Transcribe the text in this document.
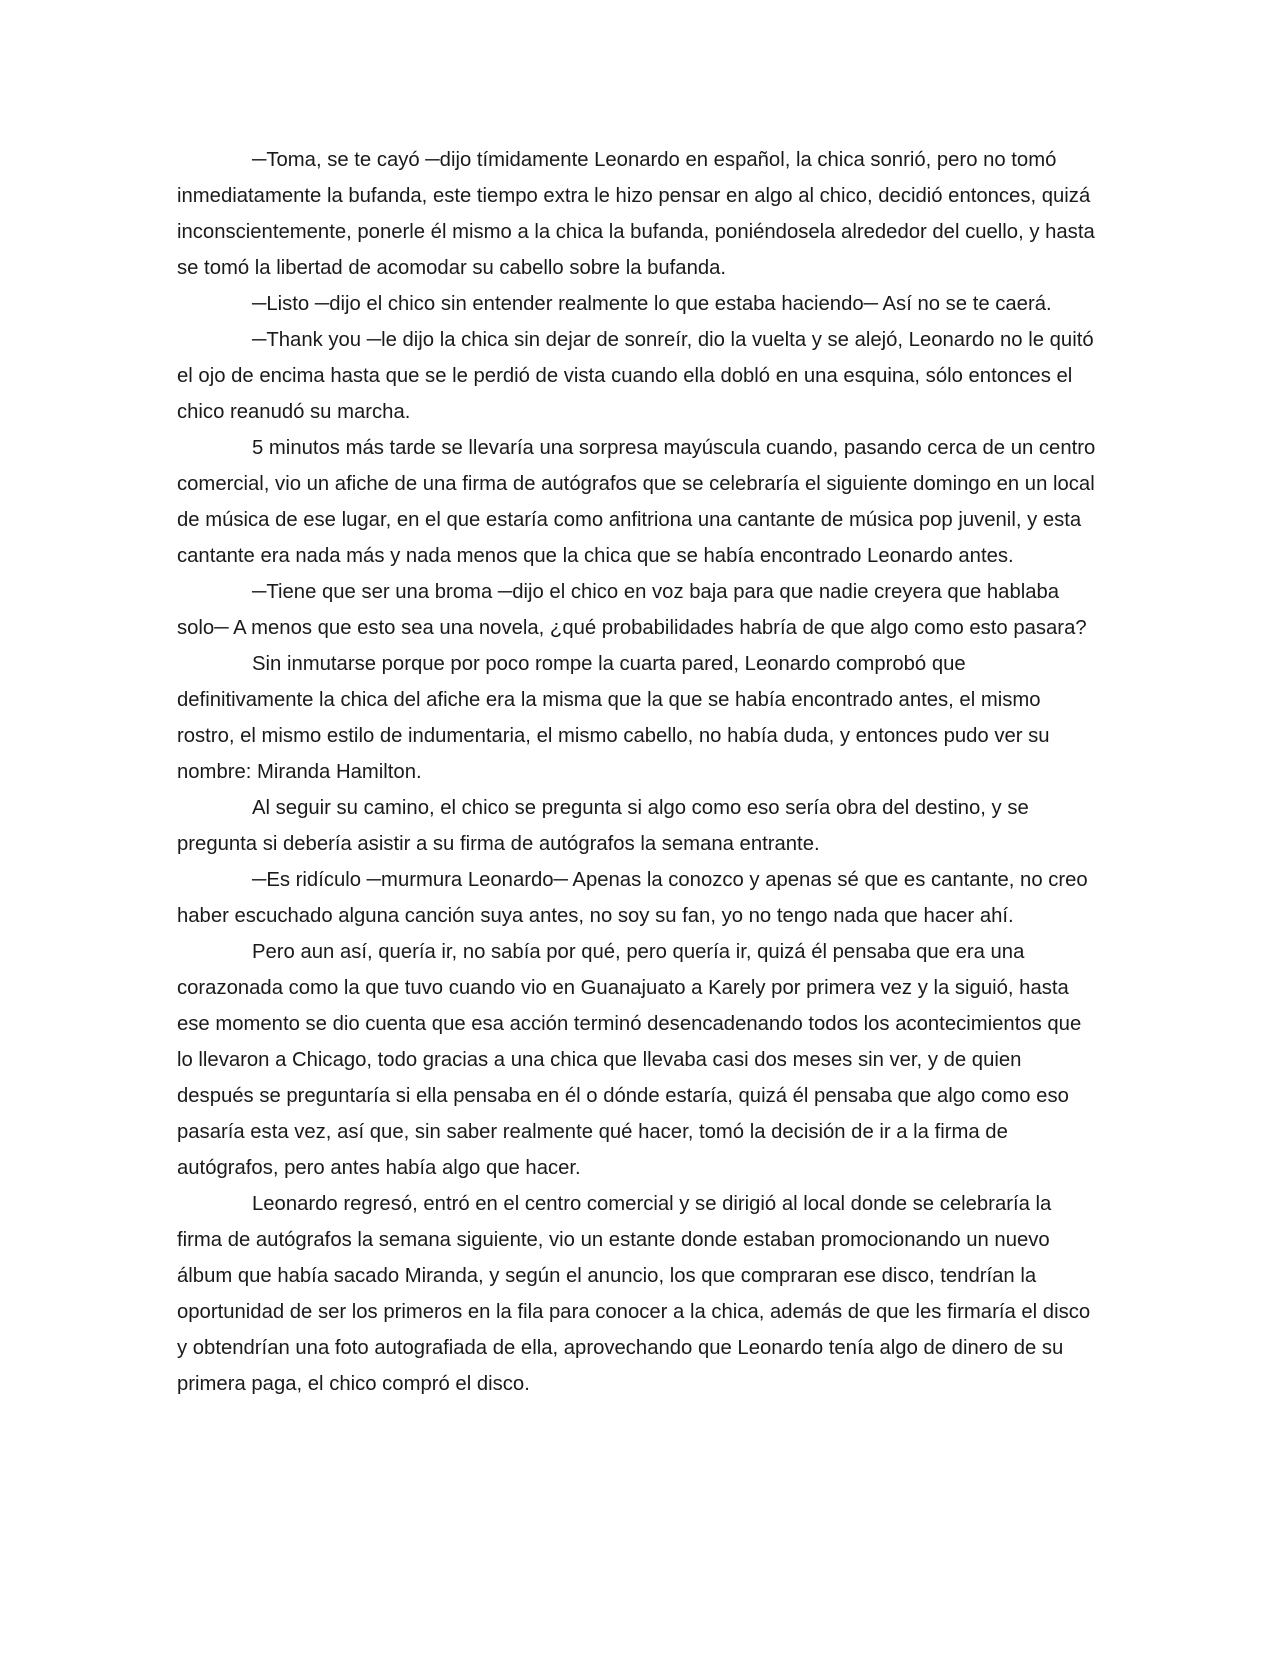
─Toma, se te cayó ─dijo tímidamente Leonardo en español, la chica sonrió, pero no tomó inmediatamente la bufanda, este tiempo extra le hizo pensar en algo al chico, decidió entonces, quizá inconscientemente, ponerle él mismo a la chica la bufanda, poniéndosela alrededor del cuello, y hasta se tomó la libertad de acomodar su cabello sobre la bufanda.

─Listo ─dijo el chico sin entender realmente lo que estaba haciendo─ Así no se te caerá.

─Thank you ─le dijo la chica sin dejar de sonreír, dio la vuelta y se alejó, Leonardo no le quitó el ojo de encima hasta que se le perdió de vista cuando ella dobló en una esquina, sólo entonces el chico reanudó su marcha.

5 minutos más tarde se llevaría una sorpresa mayúscula cuando, pasando cerca de un centro comercial, vio un afiche de una firma de autógrafos que se celebraría el siguiente domingo en un local de música de ese lugar, en el que estaría como anfitriona una cantante de música pop juvenil, y esta cantante era nada más y nada menos que la chica que se había encontrado Leonardo antes.

─Tiene que ser una broma ─dijo el chico en voz baja para que nadie creyera que hablaba solo─ A menos que esto sea una novela, ¿qué probabilidades habría de que algo como esto pasara?

Sin inmutarse porque por poco rompe la cuarta pared, Leonardo comprobó que definitivamente la chica del afiche era la misma que la que se había encontrado antes, el mismo rostro, el mismo estilo de indumentaria, el mismo cabello, no había duda, y entonces pudo ver su nombre: Miranda Hamilton.

Al seguir su camino, el chico se pregunta si algo como eso sería obra del destino, y se pregunta si debería asistir a su firma de autógrafos la semana entrante.

─Es ridículo ─murmura Leonardo─ Apenas la conozco y apenas sé que es cantante, no creo haber escuchado alguna canción suya antes, no soy su fan, yo no tengo nada que hacer ahí.

Pero aun así, quería ir, no sabía por qué, pero quería ir, quizá él pensaba que era una corazonada como la que tuvo cuando vio en Guanajuato a Karely por primera vez y la siguió, hasta ese momento se dio cuenta que esa acción terminó desencadenando todos los acontecimientos que lo llevaron a Chicago, todo gracias a una chica que llevaba casi dos meses sin ver, y de quien después se preguntaría si ella pensaba en él o dónde estaría, quizá él pensaba que algo como eso pasaría esta vez, así que, sin saber realmente qué hacer, tomó la decisión de ir a la firma de autógrafos, pero antes había algo que hacer.

Leonardo regresó, entró en el centro comercial y se dirigió al local donde se celebraría la firma de autógrafos la semana siguiente, vio un estante donde estaban promocionando un nuevo álbum que había sacado Miranda, y según el anuncio, los que compraran ese disco, tendrían la oportunidad de ser los primeros en la fila para conocer a la chica, además de que les firmaría el disco y obtendrían una foto autografiada de ella, aprovechando que Leonardo tenía algo de dinero de su primera paga, el chico compró el disco.
